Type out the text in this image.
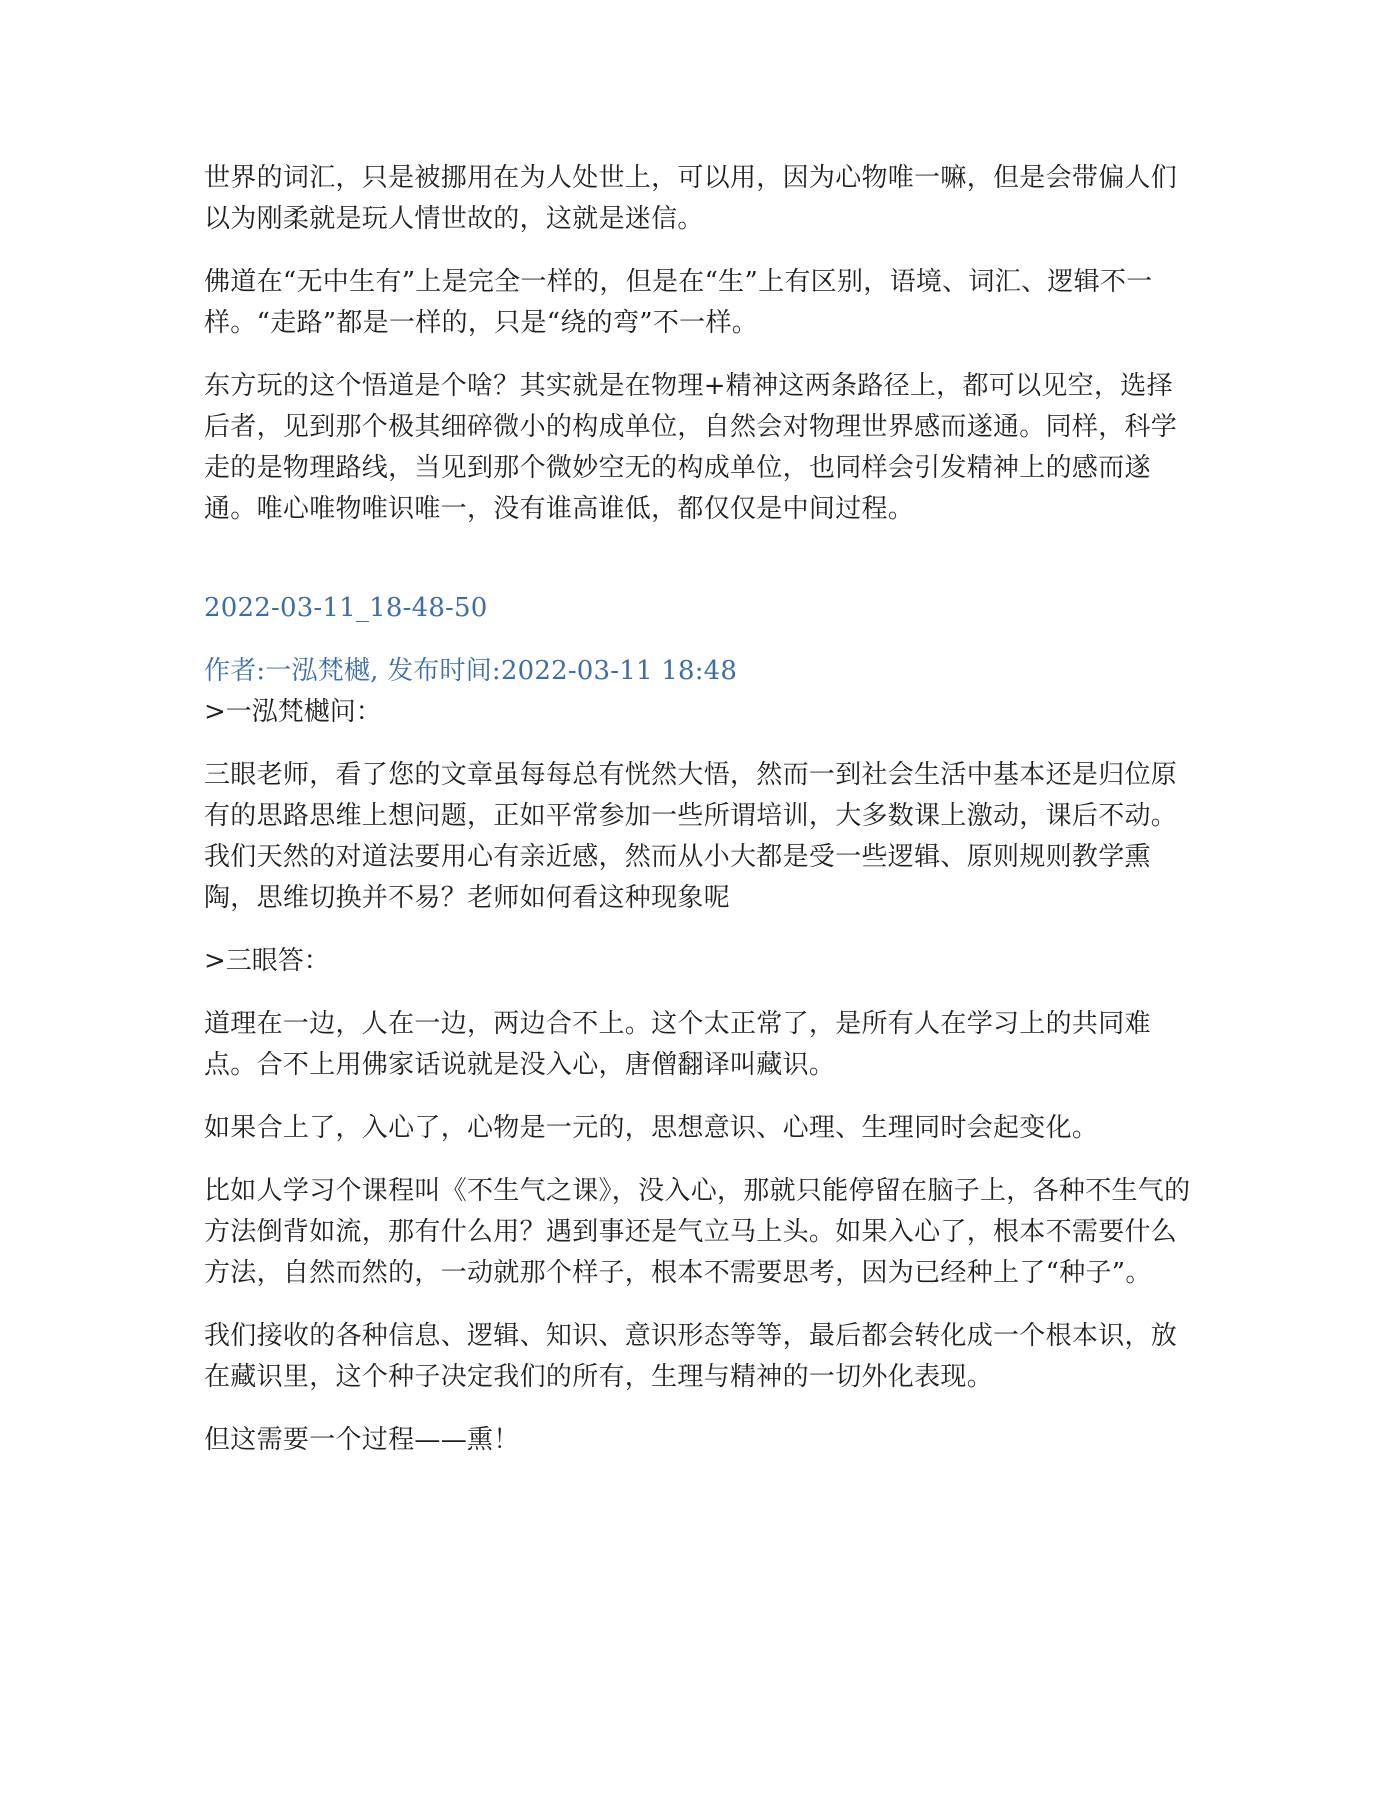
世界的词汇，只是被挪用在为人处世上，可以用，因为心物唯一嘛，但是会带偏人们以为刚柔就是玩人情世故的，这就是迷信。

佛道在“无中生有”上是完全一样的，但是在“生”上有区别，语境、词汇、逻辑不一样。“走路”都是一样的，只是“绕的弯”不一样。

东方玩的这个悟道是个啥？其实就是在物理+精神这两条路径上，都可以见空，选择后者，见到那个极其细碎微小的构成单位，自然会对物理世界感而遂通。同样，科学走的是物理路线，当见到那个微妙空无的构成单位，也同样会引发精神上的感而遂通。唯心唯物唯识唯一，没有谁高谁低，都仅仅是中间过程。

2022-03-11_18-48-50
作者:一泓梵樾, 发布时间:2022-03-11 18:48

>一泓梵樾问：

三眼老师，看了您的文章虽每每总有恍然大悟，然而一到社会生活中基本还是归位原有的思路思维上想问题，正如平常参加一些所谓培训，大多数课上激动，课后不动。我们天然的对道法要用心有亲近感，然而从小大都是受一些逻辑、原则规则教学熏陶，思维切换并不易？老师如何看这种现象呢

>三眼答：

道理在一边，人在一边，两边合不上。这个太正常了，是所有人在学习上的共同难点。合不上用佛家话说就是没入心，唐僧翻译叫藏识。

如果合上了，入心了，心物是一元的，思想意识、心理、生理同时会起变化。

比如人学习个课程叫《不生气之课》，没入心，那就只能停留在脑子上，各种不生气的方法倒背如流，那有什么用？遇到事还是气立马上头。如果入心了，根本不需要什么方法，自然而然的，一动就那个样子，根本不需要思考，因为已经种上了“种子”。

我们接收的各种信息、逻辑、知识、意识形态等等，最后都会转化成一个根本识，放在藏识里，这个种子决定我们的所有，生理与精神的一切外化表现。

但这需要一个过程——熏！
